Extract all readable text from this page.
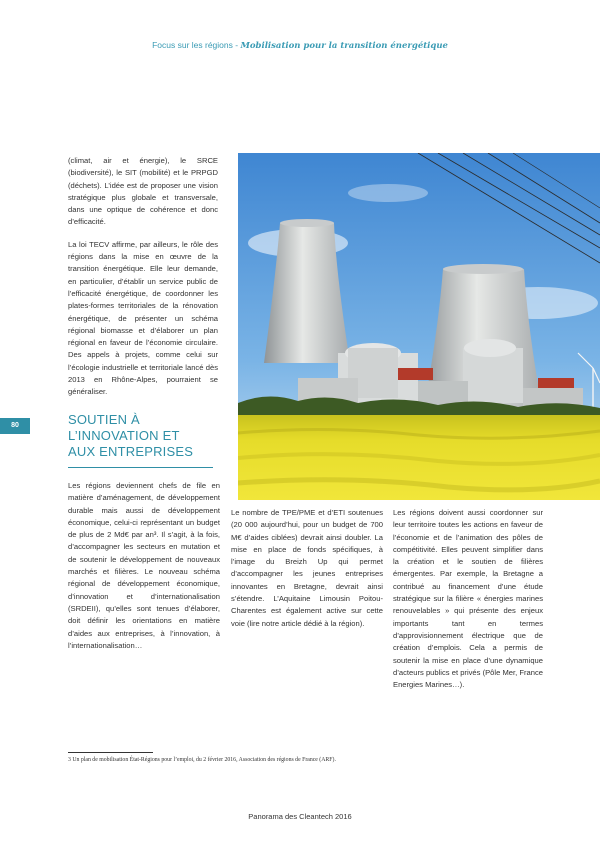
Focus sur les régions - Mobilisation pour la transition énergétique
80

(climat, air et énergie), le SRCE (biodiversité), le SIT (mobilité) et le PRPGD (déchets). L’idée est de proposer une vision stratégique plus globale et transversale, dans une optique de cohérence et donc d’efficacité.

La loi TECV affirme, par ailleurs, le rôle des régions dans la mise en œuvre de la transition énergétique. Elle leur demande, en particulier, d’établir un service public de l’efficacité énergétique, de coordonner les plates-formes territoriales de la rénovation énergétique, de présenter un schéma régional biomasse et d’élaborer un plan régional en faveur de l’économie circulaire. Des appels à projets, comme celui sur l’écologie industrielle et territoriale lancé dès 2013 en Rhône-Alpes, pourraient se généraliser.

SOUTIEN À
L’INNOVATION ET
AUX ENTREPRISES
Les régions deviennent chefs de file en matière d’aménagement, de développement durable mais aussi de développement économique, celui-ci représentant un budget de plus de 2 Md€ par an³. Il s’agit, à la fois, d’accompagner les secteurs en mutation et de soutenir le développement de nouveaux marchés et filières. Le nouveau schéma régional de développement économique, d’innovation et d’internationalisation (SRDEII), qu’elles sont tenues d’élaborer, doit définir les orientations en matière d’aides aux entreprises, à l’innovation, à l’internationalisation…
Le nombre de TPE/PME et d’ETI soutenues (20 000 aujourd’hui, pour un budget de 700 M€ d’aides ciblées) devrait ainsi doubler. La mise en place de fonds spécifiques, à l’image du Breizh Up qui permet d’accompagner les jeunes entreprises innovantes en Bretagne, devrait ainsi s’étendre. L’Aquitaine Limousin Poitou-Charentes est également active sur cette voie (lire notre article dédié à la région).
Les régions doivent aussi coordonner sur leur territoire toutes les actions en faveur de l’économie et de l’animation des pôles de compétitivité. Elles peuvent simplifier dans la création et le soutien de filières émergentes. Par exemple, la Bretagne a contribué au financement d’une étude stratégique sur la filière « énergies marines renouvelables » qui présente des enjeux importants tant en termes d’approvisionnement électrique que de création d’emplois. Cela a permis de soutenir la mise en place d’une dynamique d’acteurs publics et privés (Pôle Mer, France Energies Marines…).
3 Un plan de mobilisation État-Régions pour l’emploi, du 2 février 2016, Association des régions de France (ARF).
Panorama des Cleantech 2016
